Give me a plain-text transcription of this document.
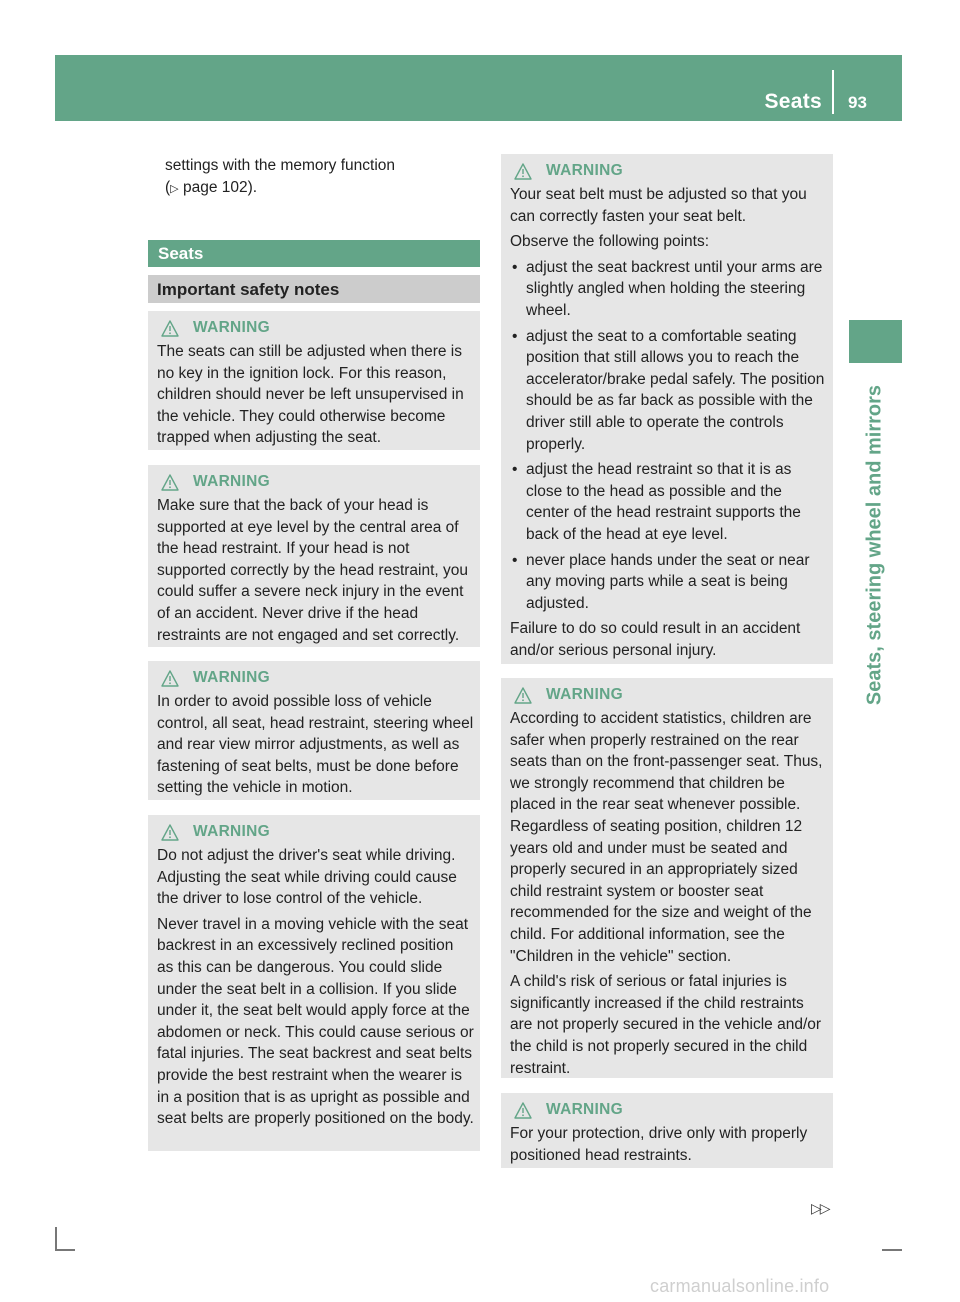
Seats 93
Seats, steering wheel and mirrors
settings with the memory function
(▷ page 102).
Seats
Important safety notes
WARNING

The seats can still be adjusted when there is no key in the ignition lock. For this reason, children should never be left unsupervised in the vehicle. They could otherwise become trapped when adjusting the seat.

WARNING

Make sure that the back of your head is supported at eye level by the central area of the head restraint. If your head is not supported correctly by the head restraint, you could suffer a severe neck injury in the event of an accident. Never drive if the head restraints are not engaged and set correctly.

WARNING

In order to avoid possible loss of vehicle control, all seat, head restraint, steering wheel and rear view mirror adjustments, as well as fastening of seat belts, must be done before setting the vehicle in motion.

WARNING

Do not adjust the driver's seat while driving. Adjusting the seat while driving could cause the driver to lose control of the vehicle.

Never travel in a moving vehicle with the seat backrest in an excessively reclined position as this can be dangerous. You could slide under the seat belt in a collision. If you slide under it, the seat belt would apply force at the abdomen or neck. This could cause serious or fatal injuries. The seat backrest and seat belts provide the best restraint when the wearer is in a position that is as upright as possible and seat belts are properly positioned on the body.

WARNING

Your seat belt must be adjusted so that you can correctly fasten your seat belt.

Observe the following points:

• adjust the seat backrest until your arms are slightly angled when holding the steering wheel.
• adjust the seat to a comfortable seating position that still allows you to reach the accelerator/brake pedal safely. The position should be as far back as possible with the driver still able to operate the controls properly.
• adjust the head restraint so that it is as close to the head as possible and the center of the head restraint supports the back of the head at eye level.
• never place hands under the seat or near any moving parts while a seat is being adjusted.

Failure to do so could result in an accident and/or serious personal injury.

WARNING

According to accident statistics, children are safer when properly restrained on the rear seats than on the front-passenger seat. Thus, we strongly recommend that children be placed in the rear seat whenever possible. Regardless of seating position, children 12 years old and under must be seated and properly secured in an appropriately sized child restraint system or booster seat recommended for the size and weight of the child. For additional information, see the "Children in the vehicle" section.

A child's risk of serious or fatal injuries is significantly increased if the child restraints are not properly secured in the vehicle and/or the child is not properly secured in the child restraint.

WARNING

For your protection, drive only with properly positioned head restraints.

▷▷
carmanualsonline.info
